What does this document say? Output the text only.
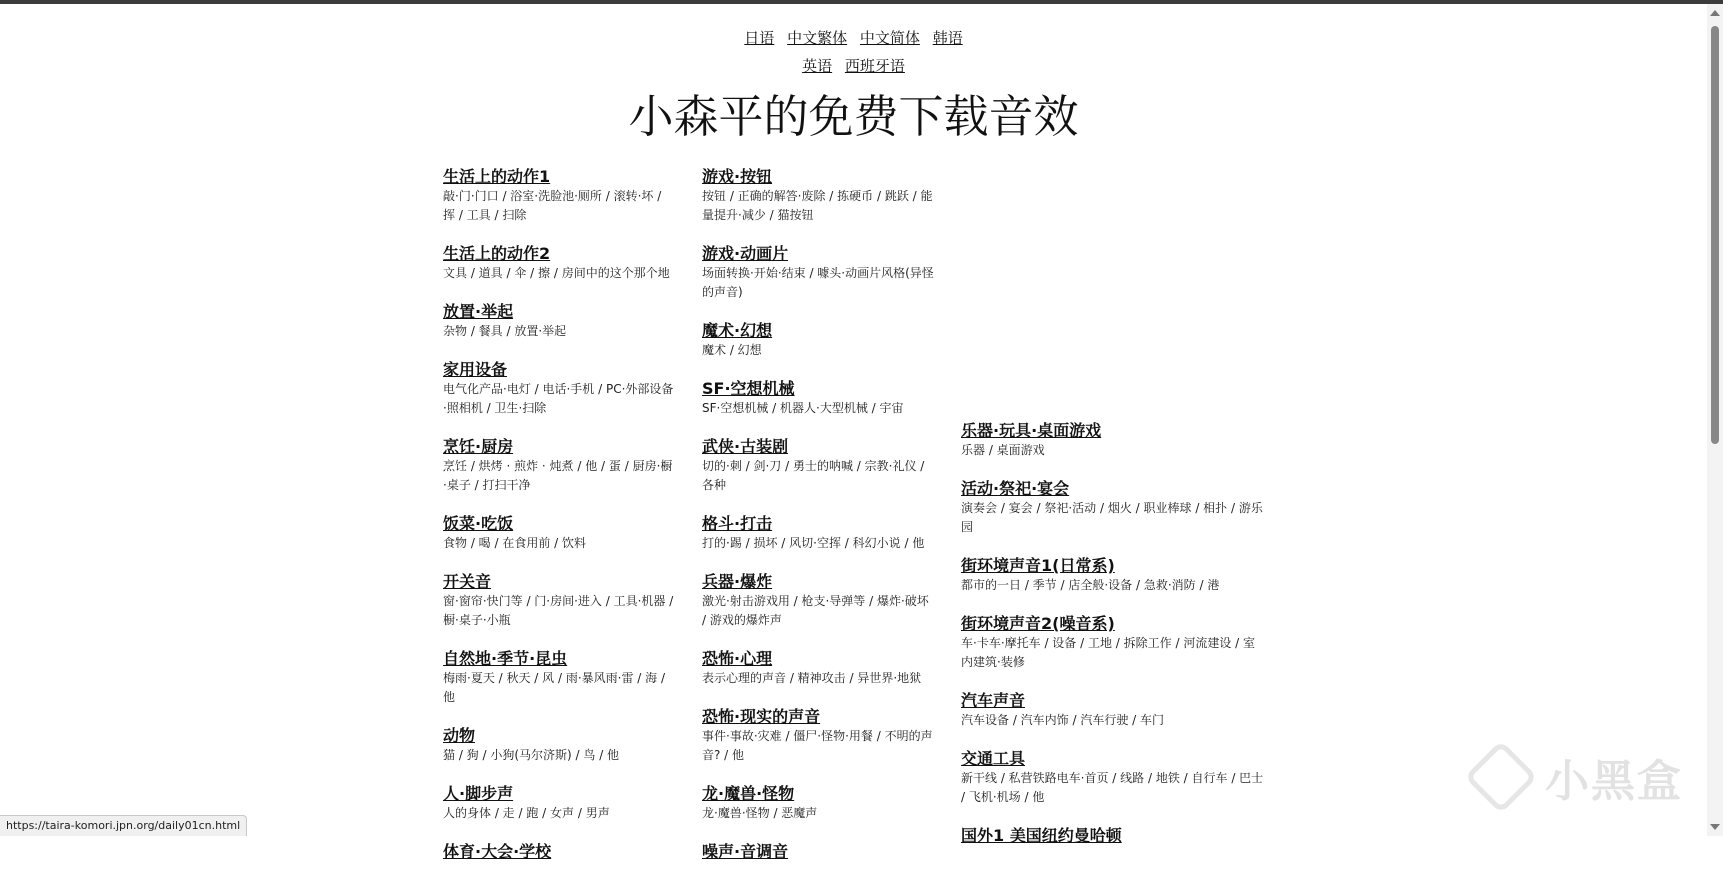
日语 中文繁体 中文简体 韩语
英语 西班牙语
小森平的免费下载音效
生活上的动作1
敲·门·门口 / 浴室·洗脸池·厕所 / 滚转·坏 / 挥 / 工具 / 扫除
生活上的动作2
文具 / 道具 / 伞 / 擦 / 房间中的这个那个地
放置·举起
杂物 / 餐具 / 放置·举起
家用设备
电气化产品·电灯 / 电话·手机 / PC·外部设备·照相机 / 卫生·扫除
烹饪·厨房
烹饪 / 烘烤 · 煎炸 · 炖煮 / 他 / 蛋 / 厨房·橱·桌子 / 打扫干净
饭菜·吃饭
食物 / 喝 / 在食用前 / 饮料
开关音
窗·窗帘·快门等 / 门·房间·进入 / 工具·机器 / 橱·桌子·小瓶
自然地·季节·昆虫
梅雨·夏天 / 秋天 / 风 / 雨·暴风雨·雷 / 海 / 他
动物
猫 / 狗 / 小狗(马尔济斯) / 鸟 / 他
人·脚步声
人的身体 / 走 / 跑 / 女声 / 男声
体育·大会·学校
游戏·按钮
按钮 / 正确的解答·废除 / 拣硬币 / 跳跃 / 能量提升·减少 / 猫按钮
游戏·动画片
场面转换·开始·结束 / 噱头·动画片风格(异怪的声音)
魔术·幻想
魔术 / 幻想
SF·空想机械
SF·空想机械 / 机器人·大型机械 / 宇宙
武侠·古装剧
切的·刺 / 剑·刀 / 勇士的呐喊 / 宗教·礼仪 / 各种
格斗·打击
打的·踢 / 损坏 / 风切·空挥 / 科幻小说 / 他
兵器·爆炸
激光·射击游戏用 / 枪支·导弹等 / 爆炸·破坏 / 游戏的爆炸声
恐怖·心理
表示心理的声音 / 精神攻击 / 异世界·地狱
恐怖·现实的声音
事件·事故·灾难 / 僵尸·怪物·用餐 / 不明的声音? / 他
龙·魔兽·怪物
龙·魔兽·怪物 / 恶魔声
噪声·音调音
乐器·玩具·桌面游戏
乐器 / 桌面游戏
活动·祭祀·宴会
演奏会 / 宴会 / 祭祀·活动 / 烟火 / 职业棒球 / 相扑 / 游乐园
街环境声音1(日常系)
都市的一日 / 季节 / 店全般·设备 / 急救·消防 / 港
街环境声音2(噪音系)
车·卡车·摩托车 / 设备 / 工地 / 拆除工作 / 河流建设 / 室内建筑·装修
汽车声音
汽车设备 / 汽车内饰 / 汽车行驶 / 车门
交通工具
新干线 / 私营铁路电车·首页 / 线路 / 地铁 / 自行车 / 巴士 / 飞机·机场 / 他
国外1 美国纽约曼哈顿
https://taira-komori.jpn.org/daily01cn.html
小黑盒
